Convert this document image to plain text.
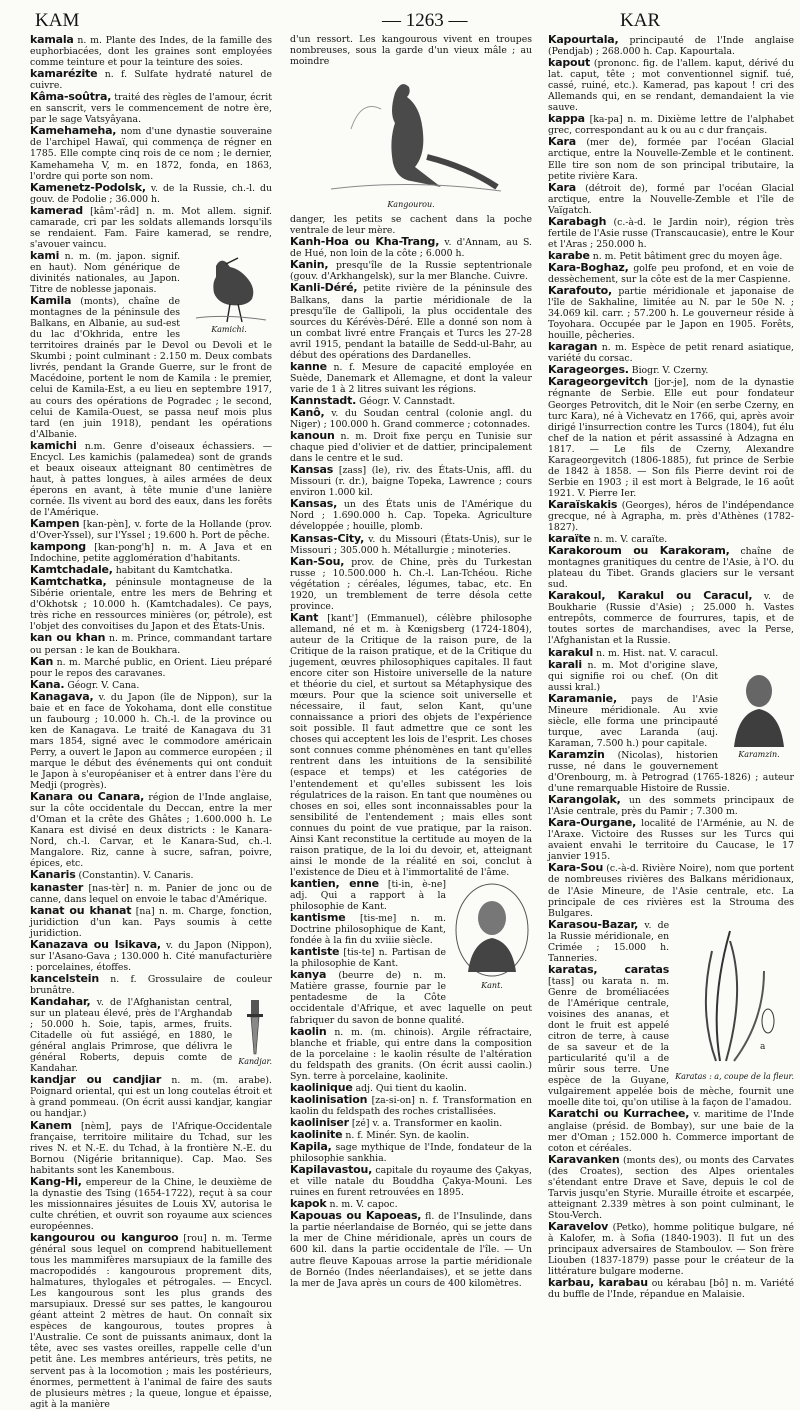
KAM	— 1263 —	KAR

kamala n. m. Plante des Indes, de la famille des euphorbiacées, dont les graines sont employées comme teinture et pour la teinture des soies.

kamarézite n. f. Sulfate hydraté naturel de cuivre.

Kâma-soûtra, traité des règles de l'amour, écrit en sanscrit, vers le commencement de notre ère, par le sage Vatsyâyana.

Kamehameha, nom d'une dynastie souveraine de l'archipel Hawaï, qui commença de régner en 1785. Elle compte cinq rois de ce nom ; le dernier, Kamehameha V, m. en 1872, fonda, en 1863, l'ordre qui porte son nom.

Kamenetz-Podolsk, v. de la Russie, ch.-l. du gouv. de Podolie ; 36.000 h.

kamerad [kâm'-râd] n. m. Mot allem. signif. camarade, cri par les soldats allemands lorsqu'ils se rendaient. Fam. Faire kamerad, se rendre, s'avouer vaincu.

Kamichi.

kami n. m. (m. japon. signif. en haut). Nom générique de divinités nationales, au Japon. Titre de noblesse japonais.

Kamila (monts), chaîne de montagnes de la péninsule des Balkans, en Albanie, au sud-est du lac d'Okhrida, entre les territoires drainés par le Devol ou Devoli et le Skumbi ; point culminant : 2.150 m. Deux combats livrés, pendant la Grande Guerre, sur le front de Macédoine, portent le nom de Kamila : le premier, celui de Kamila-Est, a eu lieu en septembre 1917, au cours des opérations de Pogradec ; le second, celui de Kamila-Ouest, se passa neuf mois plus tard (en juin 1918), pendant les opérations d'Albanie.

kamichi n.m. Genre d'oiseaux échassiers. — Encycl. Les kamichis (palamedea) sont de grands et beaux oiseaux atteignant 80 centimètres de haut, à pattes longues, à ailes armées de deux éperons en avant, à tête munie d'une lanière cornée. Ils vivent au bord des eaux, dans les forêts de l'Amérique.

Kampen [kan-pèn], v. forte de la Hollande (prov. d'Over-Yssel), sur l'Yssel ; 19.600 h. Port de pêche.

kampong [kan-pong'h] n. m. A Java et en Indochine, petite agglomération d'habitants.

Kamtchadale, habitant du Kamtchatka.

Kamtchatka, péninsule montagneuse de la Sibérie orientale, entre les mers de Behring et d'Okhotsk ; 10.000 h. (Kamtchadales). Ce pays, très riche en ressources minières (or, pétrole), est l'objet des convoitises du Japon et des États-Unis.

kan ou khan n. m. Prince, commandant tartare ou persan : le kan de Boukhara.

Kan n. m. Marché public, en Orient. Lieu préparé pour le repos des caravanes.

Kana. Géogr. V. Cana.

Kanagava, v. du Japon (île de Nippon), sur la baie et en face de Yokohama, dont elle constitue un faubourg ; 10.000 h. Ch.-l. de la province ou ken de Kanagava. Le traité de Kanagava du 31 mars 1854, signé avec le commodore américain Perry, a ouvert le Japon au commerce européen ; il marque le début des événements qui ont conduit le Japon à s'européaniser et à entrer dans l'ère du Medji (progrès).

Kanara ou Canara, région de l'Inde anglaise, sur la côte occidentale du Deccan, entre la mer d'Oman et la crête des Ghâtes ; 1.600.000 h. Le Kanara est divisé en deux districts : le Kanara-Nord, ch.-l. Carvar, et le Kanara-Sud, ch.-l. Mangalore. Riz, canne à sucre, safran, poivre, épices, etc.

Kanaris (Constantin). V. Canaris.

kanaster [nas-tèr] n. m. Panier de jonc ou de canne, dans lequel on envoie le tabac d'Amérique.

kanat ou khanat [na] n. m. Charge, fonction, juridiction d'un kan. Pays soumis à cette juridiction.

Kanazava ou Isikava, v. du Japon (Nippon), sur l'Asano-Gava ; 130.000 h. Cité manufacturière : porcelaines, étoffes.

kancelstein n. f. Grossulaire de couleur brunâtre.

Kandjar.

Kandahar, v. de l'Afghanistan central, sur un plateau élevé, près de l'Arghandab ; 50.000 h. Soie, tapis, armes, fruits. Citadelle où fut assiégé, en 1880, le général anglais Primrose, que délivra le général Roberts, depuis comte de Kandahar.

kandjar ou candjiar n. m. (m. arabe). Poignard oriental, qui est un long coutelas étroit et à grand pommeau. (On écrit aussi kandjar, kangiar ou handjar.)

Kanem [nèm], pays de l'Afrique-Occidentale française, territoire militaire du Tchad, sur les rives N. et N.-E. du Tchad, à la frontière N.-E. du Bornou (Nigérie britannique). Cap. Mao. Ses habitants sont les Kanembous.

Kang-Hi, empereur de la Chine, le deuxième de la dynastie des Tsing (1654-1722), reçut à sa cour les missionnaires jésuites de Louis XV, autorisa le culte chrétien, et ouvrit son royaume aux sciences européennes.

kangourou ou kanguroo [rou] n. m. Terme général sous lequel on comprend habituellement tous les mammifères marsupiaux de la famille des macropodidés : kangourous proprement dits, halmatures, thylogales et pétrogales. — Encycl. Les kangourous sont les plus grands des marsupiaux. Dressé sur ses pattes, le kangourou géant atteint 2 mètres de haut. On connaît six espèces de kangourous, toutes propres à l'Australie. Ce sont de puissants animaux, dont la tête, avec ses vastes oreilles, rappelle celle d'un petit âne. Les membres antérieurs, très petits, ne servent pas à la locomotion ; mais les postérieurs, énormes, permettent à l'animal de faire des sauts de plusieurs mètres ; la queue, longue et épaisse, agit à la manière

d'un ressort. Les kangourous vivent en troupes nombreuses, sous la garde d'un vieux mâle ; au moindre

Kangourou.

danger, les petits se cachent dans la poche ventrale de leur mère.

Kanh-Hoa ou Kha-Trang, v. d'Annam, au S. de Hué, non loin de la côte ; 6.000 h.

Kanin, presqu'île de la Russie septentrionale (gouv. d'Arkhangelsk), sur la mer Blanche. Cuivre.

Kanli-Déré, petite rivière de la péninsule des Balkans, dans la partie méridionale de la presqu'île de Gallipoli, la plus occidentale des sources du Kérévès-Déré. Elle a donné son nom à un combat livré entre Français et Turcs les 27-28 avril 1915, pendant la bataille de Sedd-ul-Bahr, au début des opérations des Dardanelles.

kanne n. f. Mesure de capacité employée en Suède, Danemark et Allemagne, et dont la valeur varie de 1 à 2 litres suivant les régions.

Kannstadt. Géogr. V. Cannstadt.

Kanô, v. du Soudan central (colonie angl. du Niger) ; 100.000 h. Grand commerce ; cotonnades.

kanoun n. m. Droit fixe perçu en Tunisie sur chaque pied d'olivier et de dattier, principalement dans le centre et le sud.

Kansas [zass] (le), riv. des États-Unis, affl. du Missouri (r. dr.), baigne Topeka, Lawrence ; cours environ 1.000 kil.

Kansas, un des États unis de l'Amérique du Nord ; 1.690.000 h. Cap. Topeka. Agriculture développée ; houille, plomb.

Kansas-City, v. du Missouri (États-Unis), sur le Missouri ; 305.000 h. Métallurgie ; minoteries.

Kan-Sou, prov. de Chine, près du Turkestan russe ; 10.500.000 h. Ch.-l. Lan-Tchéou. Riche végétation ; céréales, légumes, tabac, etc. En 1920, un tremblement de terre désola cette province.

Kant [kant'] (Emmanuel), célèbre philosophe allemand, né et m. à Kœnigsberg (1724-1804), auteur de la Critique de la raison pure, de la Critique de la raison pratique, et de la Critique du jugement, œuvres philosophiques capitales. Il faut encore citer son Histoire universelle de la nature et théorie du ciel, et surtout sa Métaphysique des mœurs. Pour que la science soit universelle et nécessaire, il faut, selon Kant, qu'une connaissance a priori des objets de l'expérience soit possible. Il faut admettre que ce sont les choses qui acceptent les lois de l'esprit. Les choses sont connues comme phénomènes en tant qu'elles rentrent dans les intuitions de la sensibilité (espace et temps) et les catégories de l'entendement et qu'elles subissent les lois régulatrices de la raison. En tant que noumènes ou choses en soi, elles sont inconnaissables pour la sensibilité de l'entendement ; mais elles sont connues du point de vue pratique, par la raison. Ainsi Kant reconstitue la certitude au moyen de la raison pratique, de la loi du devoir, et, atteignant ainsi le monde de la réalité en soi, conclut à l'existence de Dieu et à l'immortalité de l'âme.

Kant.

kantien, enne [ti-in, è-ne] adj. Qui a rapport à la philosophie de Kant.

kantisme [tis-me] n. m. Doctrine philosophique de Kant, fondée à la fin du xviiie siècle.

kantiste [tis-te] n. Partisan de la philosophie de Kant.

kanya (beurre de) n. m. Matière grasse, fournie par le pentadesme de la Côte occidentale d'Afrique, et avec laquelle on peut fabriquer du savon de bonne qualité.

kaolin n. m. (m. chinois). Argile réfractaire, blanche et friable, qui entre dans la composition de la porcelaine : le kaolin résulte de l'altération du feldspath des granits. (On écrit aussi caolin.) Syn. terre à porcelaine, kaolinite.

kaolinique adj. Qui tient du kaolin.

kaolinisation [za-si-on] n. f. Transformation en kaolin du feldspath des roches cristallisées.

kaoliniser [zé] v. a. Transformer en kaolin.

kaolinite n. f. Minér. Syn. de kaolin.

Kapila, sage mythique de l'Inde, fondateur de la philosophie sankhia.

Kapilavastou, capitale du royaume des Çakyas, et ville natale du Bouddha Çakya-Mouni. Les ruines en furent retrouvées en 1895.

kapok n. m. V. capoc.

Kapouas ou Kapoeas, fl. de l'Insulinde, dans la partie néerlandaise de Bornéo, qui se jette dans la mer de Chine méridionale, après un cours de 600 kil. dans la partie occidentale de l'île. — Un autre fleuve Kapouas arrose la partie méridionale de Bornéo (Indes néerlandaises), et se jette dans la mer de Java après un cours de 400 kilomètres.

Kapourtala, principauté de l'Inde anglaise (Pendjab) ; 268.000 h. Cap. Kapourtala.

kapout (prononc. fig. de l'allem. kaput, dérivé du lat. caput, tête ; mot conventionnel signif. tué, cassé, ruiné, etc.). Kamerad, pas kapout ! cri des Allemands qui, en se rendant, demandaient la vie sauve.

kappa [ka-pa] n. m. Dixième lettre de l'alphabet grec, correspondant au k ou au c dur français.

Kara (mer de), formée par l'océan Glacial arctique, entre la Nouvelle-Zemble et le continent. Elle tire son nom de son principal tributaire, la petite rivière Kara.

Kara (détroit de), formé par l'océan Glacial arctique, entre la Nouvelle-Zemble et l'île de Vaïgatch.

Karabagh (c.-à-d. le Jardin noir), région très fertile de l'Asie russe (Transcaucasie), entre le Kour et l'Aras ; 250.000 h.

karabe n. m. Petit bâtiment grec du moyen âge.

Kara-Boghaz, golfe peu profond, et en voie de dessèchement, sur la côte est de la mer Caspienne.

Karafouto, partie méridionale et japonaise de l'île de Sakhaline, limitée au N. par le 50e N. ; 34.069 kil. carr. ; 57.200 h. Le gouverneur réside à Toyohara. Occupée par le Japon en 1905. Forêts, houille, pêcheries.

karagan n. m. Espèce de petit renard asiatique, variété du corsac.

Karageorges. Biogr. V. Czerny.

Karageorgevitch [jor-je], nom de la dynastie régnante de Serbie. Elle eut pour fondateur Georges Petrovitch, dit le Noir (en serbe Czerny, en turc Kara), né à Vichevatz en 1766, qui, après avoir dirigé l'insurrection contre les Turcs (1804), fut élu chef de la nation et périt assassiné à Adzagna en 1817. — Le fils de Czerny, Alexandre Karageorgevitch (1806-1885), fut prince de Serbie de 1842 à 1858. — Son fils Pierre devint roi de Serbie en 1903 ; il est mort à Belgrade, le 16 août 1921. V. Pierre Ier.

Karaïskakis (Georges), héros de l'indépendance grecque, né à Agrapha, m. près d'Athènes (1782-1827).

karaïte n. m. V. caraïte.

Karakoroum ou Karakoram, chaîne de montagnes granitiques du centre de l'Asie, à l'O. du plateau du Tibet. Grands glaciers sur le versant sud.

Karakoul, Karakul ou Caracul, v. de Boukharie (Russie d'Asie) ; 25.000 h. Vastes entrepôts, commerce de fourrures, tapis, et de toutes sortes de marchandises, avec la Perse, l'Afghanistan et la Russie.

karakul n. m. Hist. nat. V. caracul.

Karamzin.

karali n. m. Mot d'origine slave, qui signifie roi ou chef. (On dit aussi kral.)

Karamanie, pays de l'Asie Mineure méridionale. Au xvie siècle, elle forma une principauté turque, avec Laranda (auj. Karaman, 7.500 h.) pour capitale.

Karamzin (Nicolas), historien russe, né dans le gouvernement d'Orenbourg, m. à Petrograd (1765-1826) ; auteur d'une remarquable Histoire de Russie.

Karangolak, un des sommets principaux de l'Asie centrale, près du Pamir ; 7.300 m.

Kara-Ourgane, localité de l'Arménie, au N. de l'Araxe. Victoire des Russes sur les Turcs qui avaient envahi le territoire du Caucase, le 17 janvier 1915.

Kara-Sou (c.-à-d. Rivière Noire), nom que portent de nombreuses rivières des Balkans méridionaux, de l'Asie Mineure, de l'Asie centrale, etc. La principale de ces rivières est la Strouma des Bulgares.

a
Karatas : a, coupe de la fleur.

Karasou-Bazar, v. de la Russie méridionale, en Crimée ; 15.000 h. Tanneries.

karatas, caratas [tass] ou karata n. m. Genre de broméliacées de l'Amérique centrale, voisines des ananas, et dont le fruit est appelé citron de terre, à cause de sa saveur et de la particularité qu'il a de mûrir sous terre. Une espèce de la Guyane, vulgairement appelée bois de mèche, fournit une moelle dite toi, qu'on utilise à la façon de l'amadou.

Karatchi ou Kurrachee, v. maritime de l'Inde anglaise (présid. de Bombay), sur une baie de la mer d'Oman ; 152.000 h. Commerce important de coton et céréales.

Karavanken (monts des), ou monts des Carvates (des Croates), section des Alpes orientales s'étendant entre Drave et Save, depuis le col de Tarvis jusqu'en Styrie. Muraille étroite et escarpée, atteignant 2.339 mètres à son point culminant, le Stou-Verch.

Karavelov (Petko), homme politique bulgare, né à Kalofer, m. à Sofia (1840-1903). Il fut un des principaux adversaires de Stamboulov. — Son frère Liouben (1837-1879) passe pour le créateur de la littérature bulgare moderne.

karbau, karabau ou kérabau [bô] n. m. Variété du buffle de l'Inde, répandue en Malaisie.
